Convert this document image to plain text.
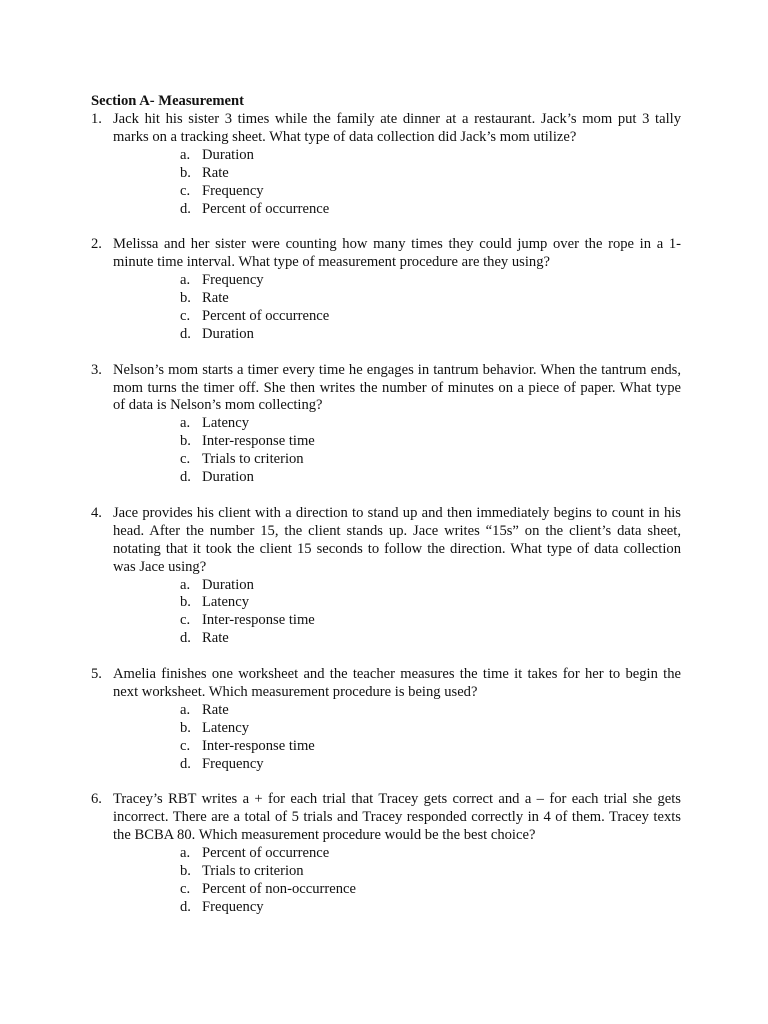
Section A- Measurement
1. Jack hit his sister 3 times while the family ate dinner at a restaurant. Jack’s mom put 3 tally marks on a tracking sheet. What type of data collection did Jack’s mom utilize?
a. Duration
b. Rate
c. Frequency
d. Percent of occurrence
2. Melissa and her sister were counting how many times they could jump over the rope in a 1-minute time interval. What type of measurement procedure are they using?
a. Frequency
b. Rate
c. Percent of occurrence
d. Duration
3. Nelson’s mom starts a timer every time he engages in tantrum behavior. When the tantrum ends, mom turns the timer off. She then writes the number of minutes on a piece of paper. What type of data is Nelson’s mom collecting?
a. Latency
b. Inter-response time
c. Trials to criterion
d. Duration
4. Jace provides his client with a direction to stand up and then immediately begins to count in his head. After the number 15, the client stands up. Jace writes “15s” on the client’s data sheet, notating that it took the client 15 seconds to follow the direction. What type of data collection was Jace using?
a. Duration
b. Latency
c. Inter-response time
d. Rate
5. Amelia finishes one worksheet and the teacher measures the time it takes for her to begin the next worksheet. Which measurement procedure is being used?
a. Rate
b. Latency
c. Inter-response time
d. Frequency
6. Tracey’s RBT writes a + for each trial that Tracey gets correct and a – for each trial she gets incorrect. There are a total of 5 trials and Tracey responded correctly in 4 of them. Tracey texts the BCBA 80. Which measurement procedure would be the best choice?
a. Percent of occurrence
b. Trials to criterion
c. Percent of non-occurrence
d. Frequency
